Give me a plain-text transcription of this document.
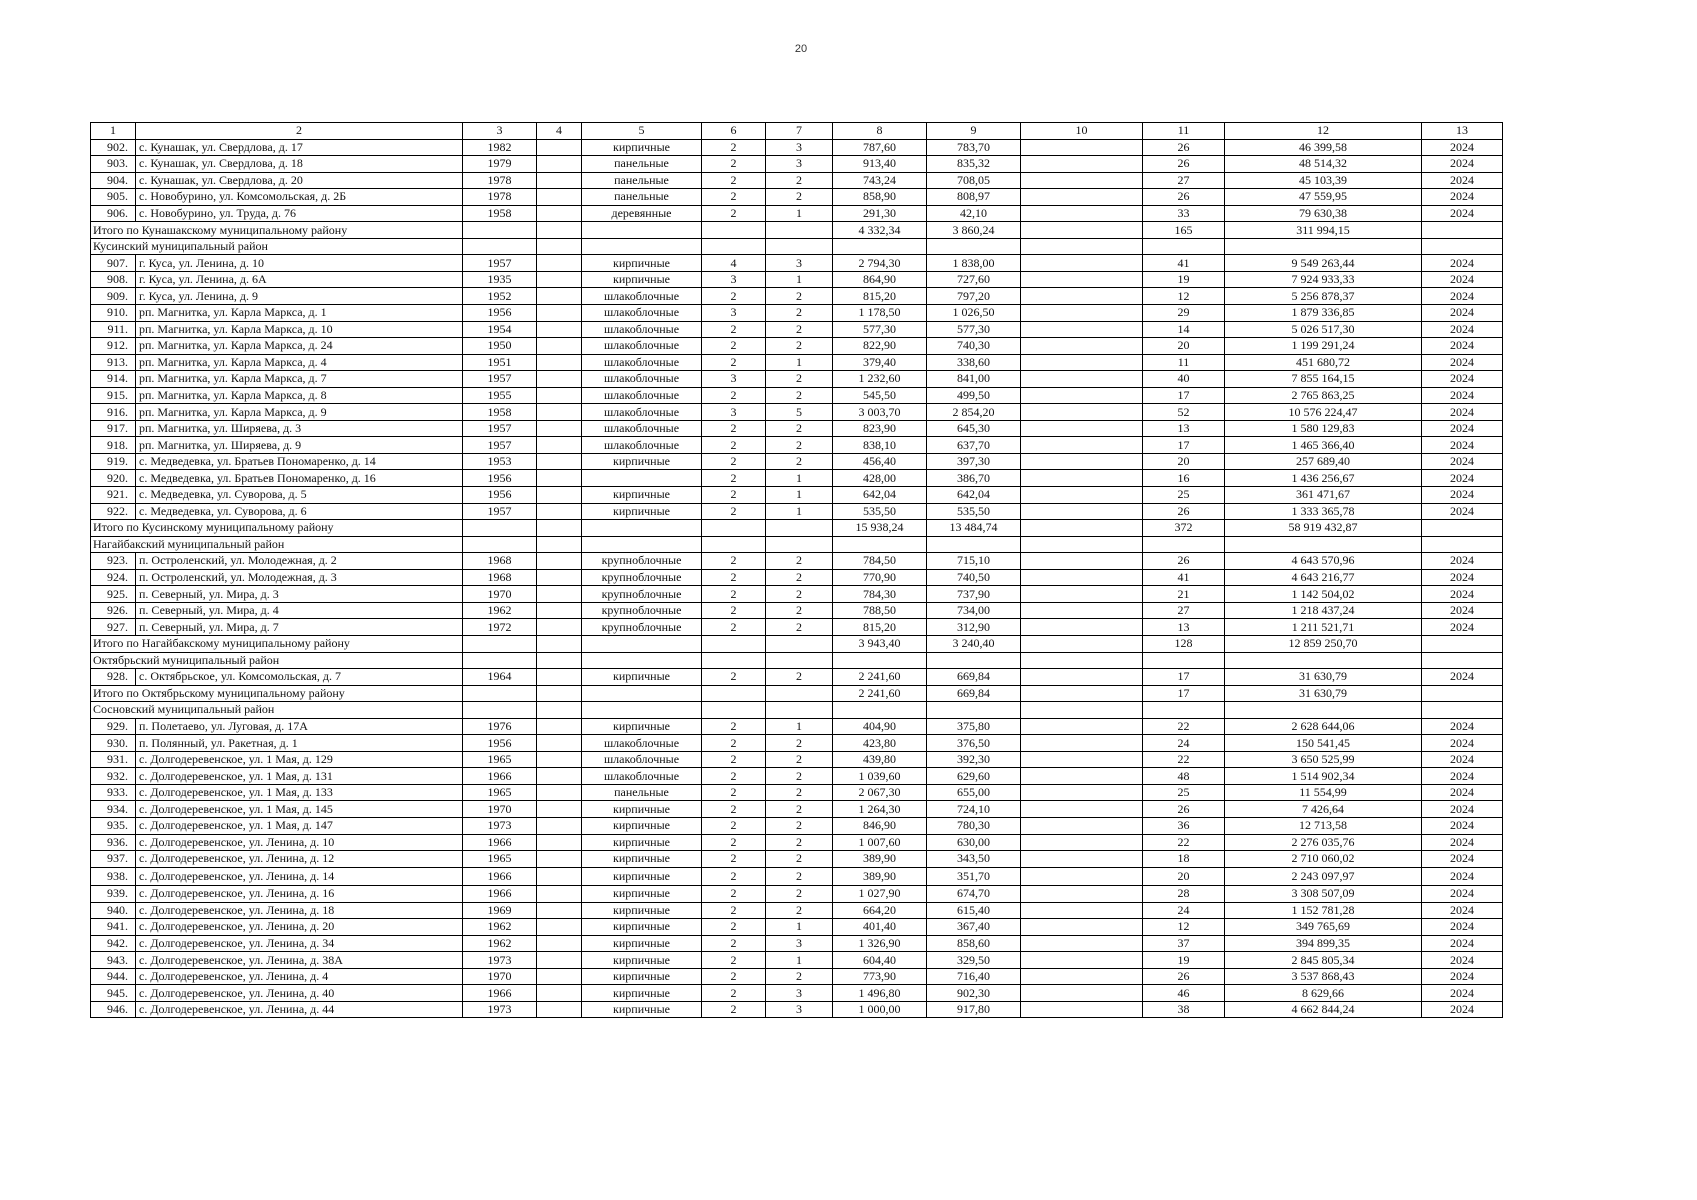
20
1	2	3	4	5	6	7	8	9	10	11	12	13
902.	с. Кунашак, ул. Свердлова, д. 17	1982		кирпичные	2	3	787,60	783,70		26	46 399,58	2024
903.	с. Кунашак, ул. Свердлова, д. 18	1979		панельные	2	3	913,40	835,32		26	48 514,32	2024
904.	с. Кунашак, ул. Свердлова, д. 20	1978		панельные	2	2	743,24	708,05		27	45 103,39	2024
905.	с. Новобурино, ул. Комсомольская, д. 2Б	1978		панельные	2	2	858,90	808,97		26	47 559,95	2024
906.	с. Новобурино, ул. Труда, д. 76	1958		деревянные	2	1	291,30	42,10		33	79 630,38	2024
Итого по Кунашакскому муниципальному району							4 332,34	3 860,24		165	311 994,15	
Кусинский муниципальный район												
907.	г. Куса, ул. Ленина, д. 10	1957		кирпичные	4	3	2 794,30	1 838,00		41	9 549 263,44	2024
908.	г. Куса, ул. Ленина, д. 6А	1935		кирпичные	3	1	864,90	727,60		19	7 924 933,33	2024
909.	г. Куса, ул. Ленина, д. 9	1952		шлакоблочные	2	2	815,20	797,20		12	5 256 878,37	2024
910.	рп. Магнитка, ул. Карла Маркса, д. 1	1956		шлакоблочные	3	2	1 178,50	1 026,50		29	1 879 336,85	2024
911.	рп. Магнитка, ул. Карла Маркса, д. 10	1954		шлакоблочные	2	2	577,30	577,30		14	5 026 517,30	2024
912.	рп. Магнитка, ул. Карла Маркса, д. 24	1950		шлакоблочные	2	2	822,90	740,30		20	1 199 291,24	2024
913.	рп. Магнитка, ул. Карла Маркса, д. 4	1951		шлакоблочные	2	1	379,40	338,60		11	451 680,72	2024
914.	рп. Магнитка, ул. Карла Маркса, д. 7	1957		шлакоблочные	3	2	1 232,60	841,00		40	7 855 164,15	2024
915.	рп. Магнитка, ул. Карла Маркса, д. 8	1955		шлакоблочные	2	2	545,50	499,50		17	2 765 863,25	2024
916.	рп. Магнитка, ул. Карла Маркса, д. 9	1958		шлакоблочные	3	5	3 003,70	2 854,20		52	10 576 224,47	2024
917.	рп. Магнитка, ул. Ширяева, д. 3	1957		шлакоблочные	2	2	823,90	645,30		13	1 580 129,83	2024
918.	рп. Магнитка, ул. Ширяева, д. 9	1957		шлакоблочные	2	2	838,10	637,70		17	1 465 366,40	2024
919.	с. Медведевка, ул. Братьев Пономаренко, д. 14	1953		кирпичные	2	2	456,40	397,30		20	257 689,40	2024
920.	с. Медведевка, ул. Братьев Пономаренко, д. 16	1956			2	1	428,00	386,70		16	1 436 256,67	2024
921.	с. Медведевка, ул. Суворова, д. 5	1956		кирпичные	2	1	642,04	642,04		25	361 471,67	2024
922.	с. Медведевка, ул. Суворова, д. 6	1957		кирпичные	2	1	535,50	535,50		26	1 333 365,78	2024
Итого по Кусинскому муниципальному району							15 938,24	13 484,74		372	58 919 432,87	
Нагайбакский муниципальный район												
923.	п. Остроленский, ул. Молодежная, д. 2	1968		крупноблочные	2	2	784,50	715,10		26	4 643 570,96	2024
924.	п. Остроленский, ул. Молодежная, д. 3	1968		крупноблочные	2	2	770,90	740,50		41	4 643 216,77	2024
925.	п. Северный, ул. Мира, д. 3	1970		крупноблочные	2	2	784,30	737,90		21	1 142 504,02	2024
926.	п. Северный, ул. Мира, д. 4	1962		крупноблочные	2	2	788,50	734,00		27	1 218 437,24	2024
927.	п. Северный, ул. Мира, д. 7	1972		крупноблочные	2	2	815,20	312,90		13	1 211 521,71	2024
Итого по Нагайбакскому муниципальному району							3 943,40	3 240,40		128	12 859 250,70	
Октябрьский муниципальный район												
928.	с. Октябрьское, ул. Комсомольская, д. 7	1964		кирпичные	2	2	2 241,60	669,84		17	31 630,79	2024
Итого по Октябрьскому муниципальному району							2 241,60	669,84		17	31 630,79	
Сосновский муниципальный район												
929.	п. Полетаево, ул. Луговая, д. 17А	1976		кирпичные	2	1	404,90	375,80		22	2 628 644,06	2024
930.	п. Полянный, ул. Ракетная, д. 1	1956		шлакоблочные	2	2	423,80	376,50		24	150 541,45	2024
931.	с. Долгодеревенское, ул. 1 Мая, д. 129	1965		шлакоблочные	2	2	439,80	392,30		22	3 650 525,99	2024
932.	с. Долгодеревенское, ул. 1 Мая, д. 131	1966		шлакоблочные	2	2	1 039,60	629,60		48	1 514 902,34	2024
933.	с. Долгодеревенское, ул. 1 Мая, д. 133	1965		панельные	2	2	2 067,30	655,00		25	11 554,99	2024
934.	с. Долгодеревенское, ул. 1 Мая, д. 145	1970		кирпичные	2	2	1 264,30	724,10		26	7 426,64	2024
935.	с. Долгодеревенское, ул. 1 Мая, д. 147	1973		кирпичные	2	2	846,90	780,30		36	12 713,58	2024
936.	с. Долгодеревенское, ул. Ленина, д. 10	1966		кирпичные	2	2	1 007,60	630,00		22	2 276 035,76	2024
937.	с. Долгодеревенское, ул. Ленина, д. 12	1965		кирпичные	2	2	389,90	343,50		18	2 710 060,02	2024
938.	с. Долгодеревенское, ул. Ленина, д. 14	1966		кирпичные	2	2	389,90	351,70		20	2 243 097,97	2024
939.	с. Долгодеревенское, ул. Ленина, д. 16	1966		кирпичные	2	2	1 027,90	674,70		28	3 308 507,09	2024
940.	с. Долгодеревенское, ул. Ленина, д. 18	1969		кирпичные	2	2	664,20	615,40		24	1 152 781,28	2024
941.	с. Долгодеревенское, ул. Ленина, д. 20	1962		кирпичные	2	1	401,40	367,40		12	349 765,69	2024
942.	с. Долгодеревенское, ул. Ленина, д. 34	1962		кирпичные	2	3	1 326,90	858,60		37	394 899,35	2024
943.	с. Долгодеревенское, ул. Ленина, д. 38А	1973		кирпичные	2	1	604,40	329,50		19	2 845 805,34	2024
944.	с. Долгодеревенское, ул. Ленина, д. 4	1970		кирпичные	2	2	773,90	716,40		26	3 537 868,43	2024
945.	с. Долгодеревенское, ул. Ленина, д. 40	1966		кирпичные	2	3	1 496,80	902,30		46	8 629,66	2024
946.	с. Долгодеревенское, ул. Ленина, д. 44	1973		кирпичные	2	3	1 000,00	917,80		38	4 662 844,24	2024
